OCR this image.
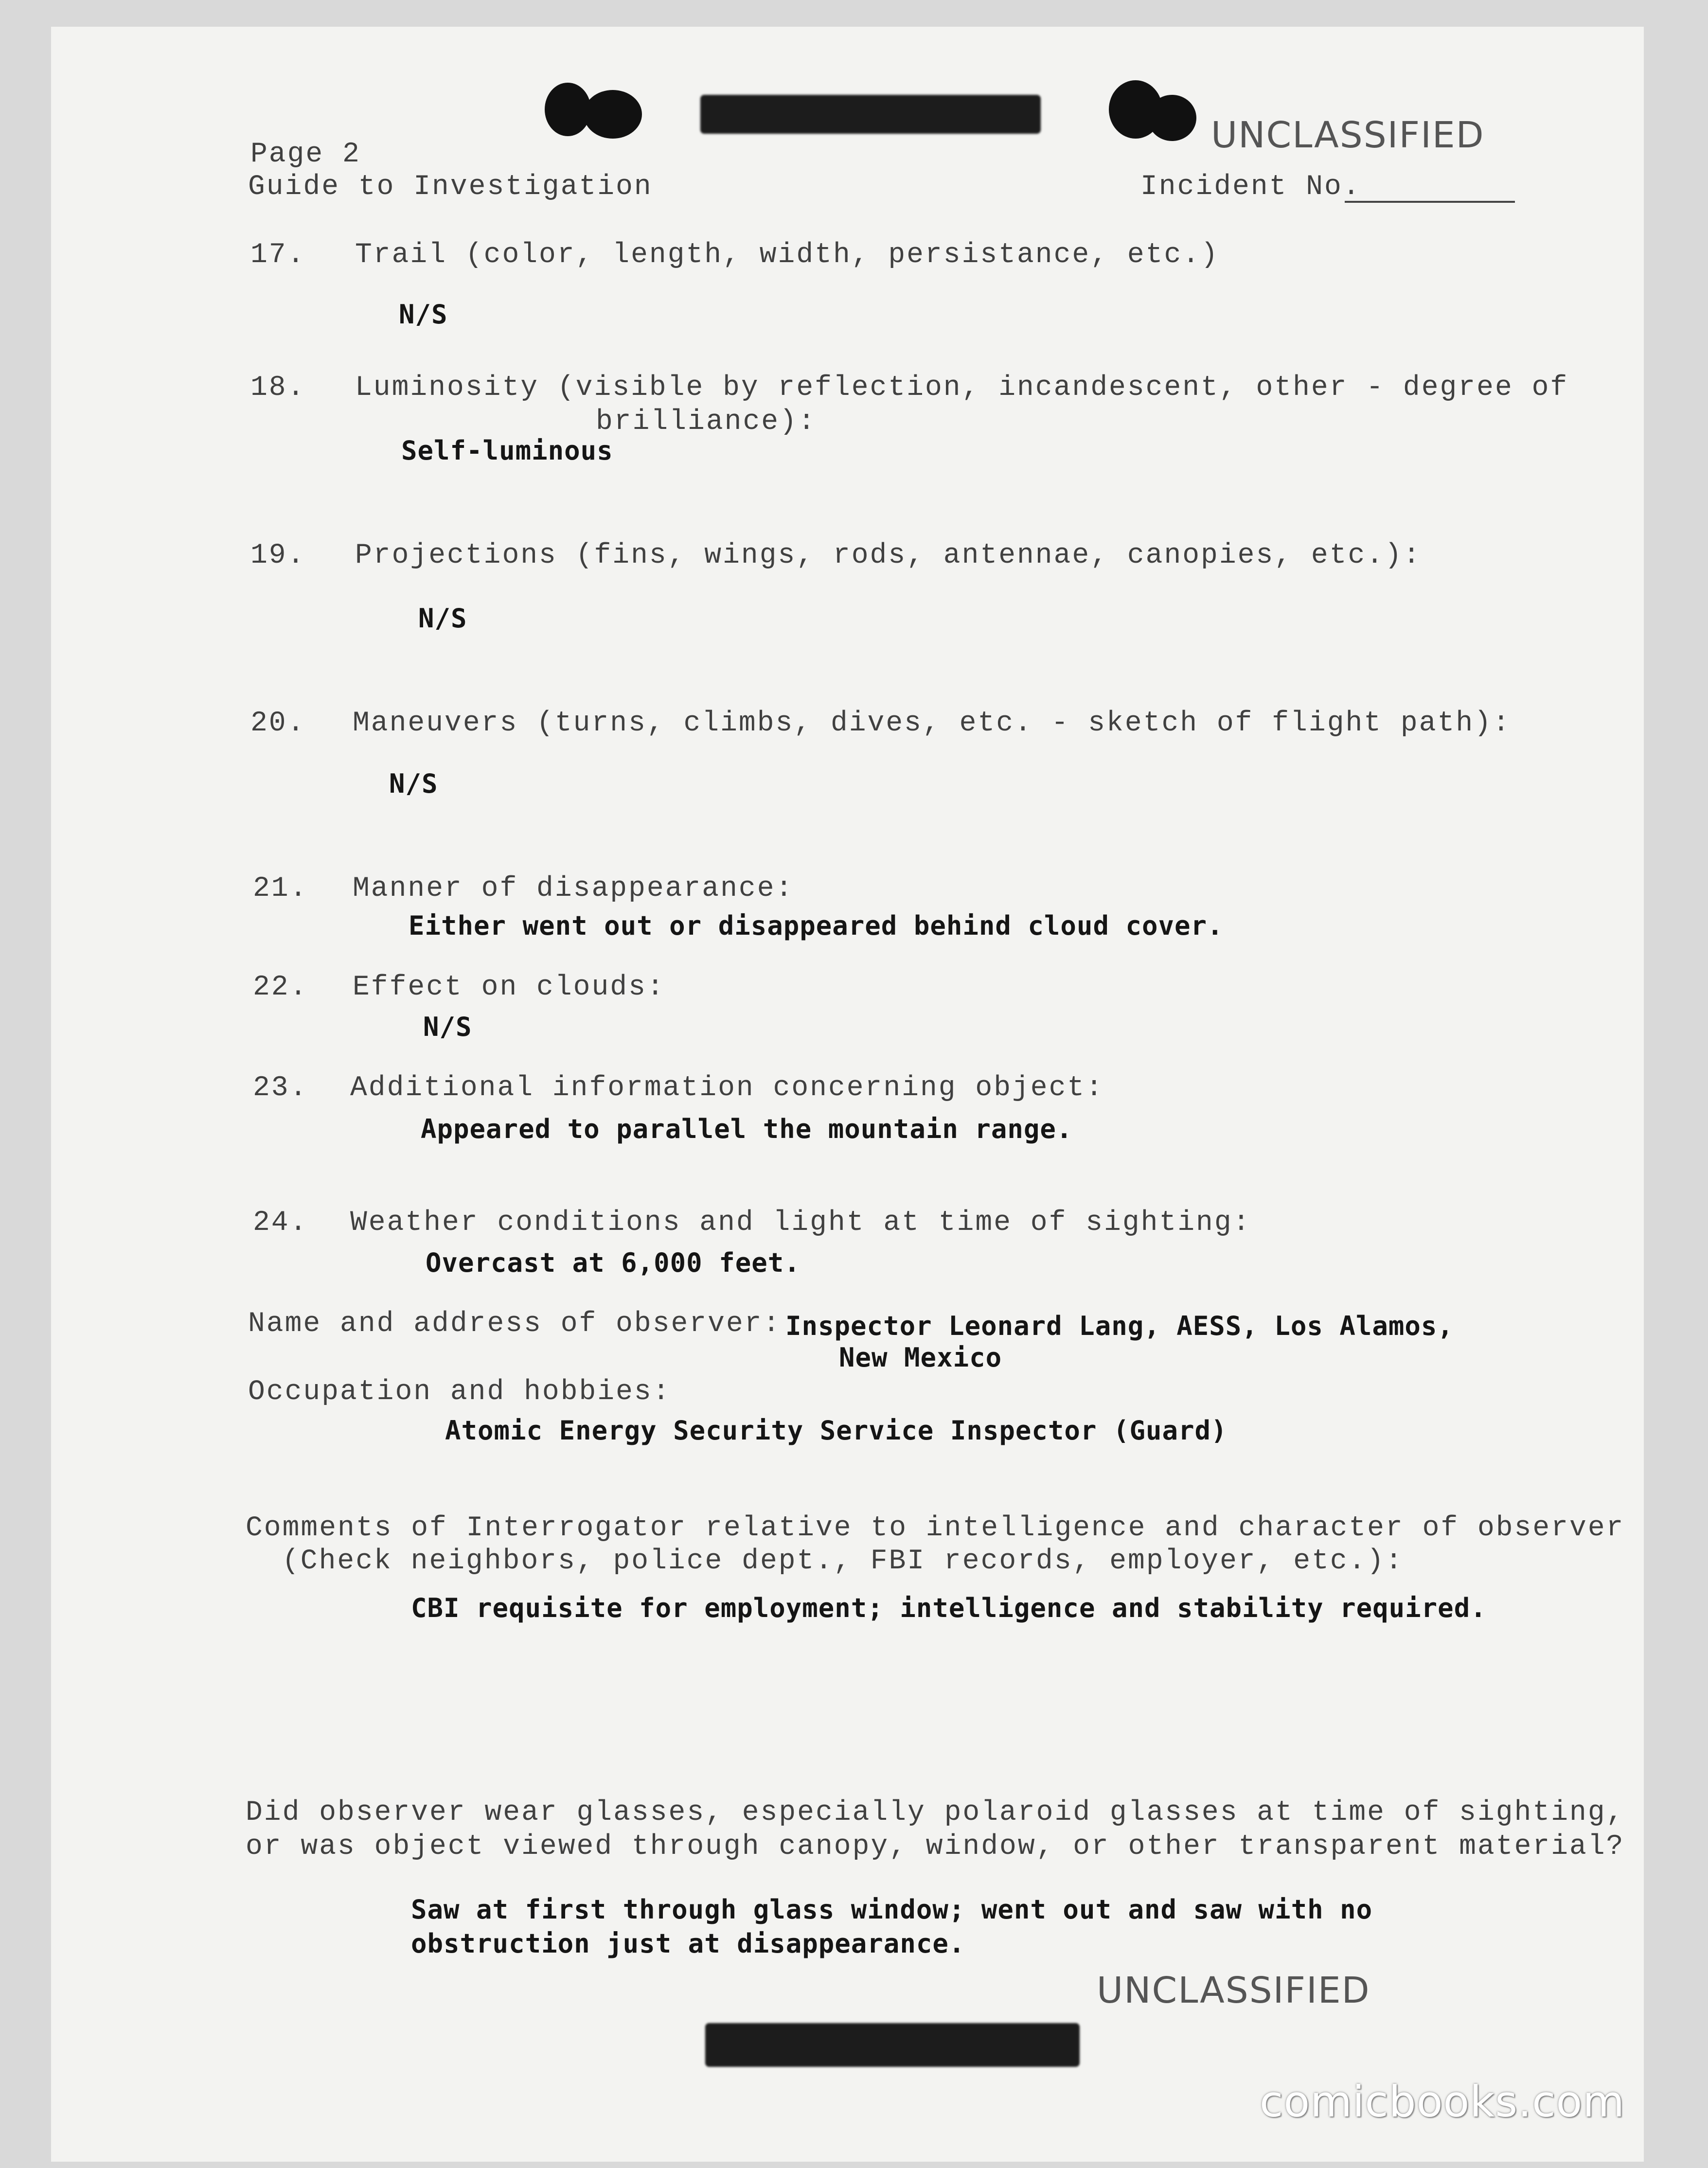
Page 2
Guide to Investigation
UNCLASSIFIED
Incident No.
17. Trail (color, length, width, persistance, etc.)
N/S
18. Luminosity (visible by reflection, incandescent, other - degree of
brilliance):
Self-luminous
19. Projections (fins, wings, rods, antennae, canopies, etc.):
N/S
20. Maneuvers (turns, climbs, dives, etc. - sketch of flight path):
N/S
21. Manner of disappearance:
Either went out or disappeared behind cloud cover.
22. Effect on clouds:
N/S
23. Additional information concerning object:
Appeared to parallel the mountain range.
24. Weather conditions and light at time of sighting:
Overcast at 6,000 feet.
Name and address of observer: Inspector Leonard Lang, AESS, Los Alamos,
New Mexico
Occupation and hobbies:
Atomic Energy Security Service Inspector (Guard)
Comments of Interrogator relative to intelligence and character of observer
(Check neighbors, police dept., FBI records, employer, etc.):
CBI requisite for employment; intelligence and stability required.
Did observer wear glasses, especially polaroid glasses at time of sighting,
or was object viewed through canopy, window, or other transparent material?
Saw at first through glass window; went out and saw with no
obstruction just at disappearance.
UNCLASSIFIED
comicbooks.com
